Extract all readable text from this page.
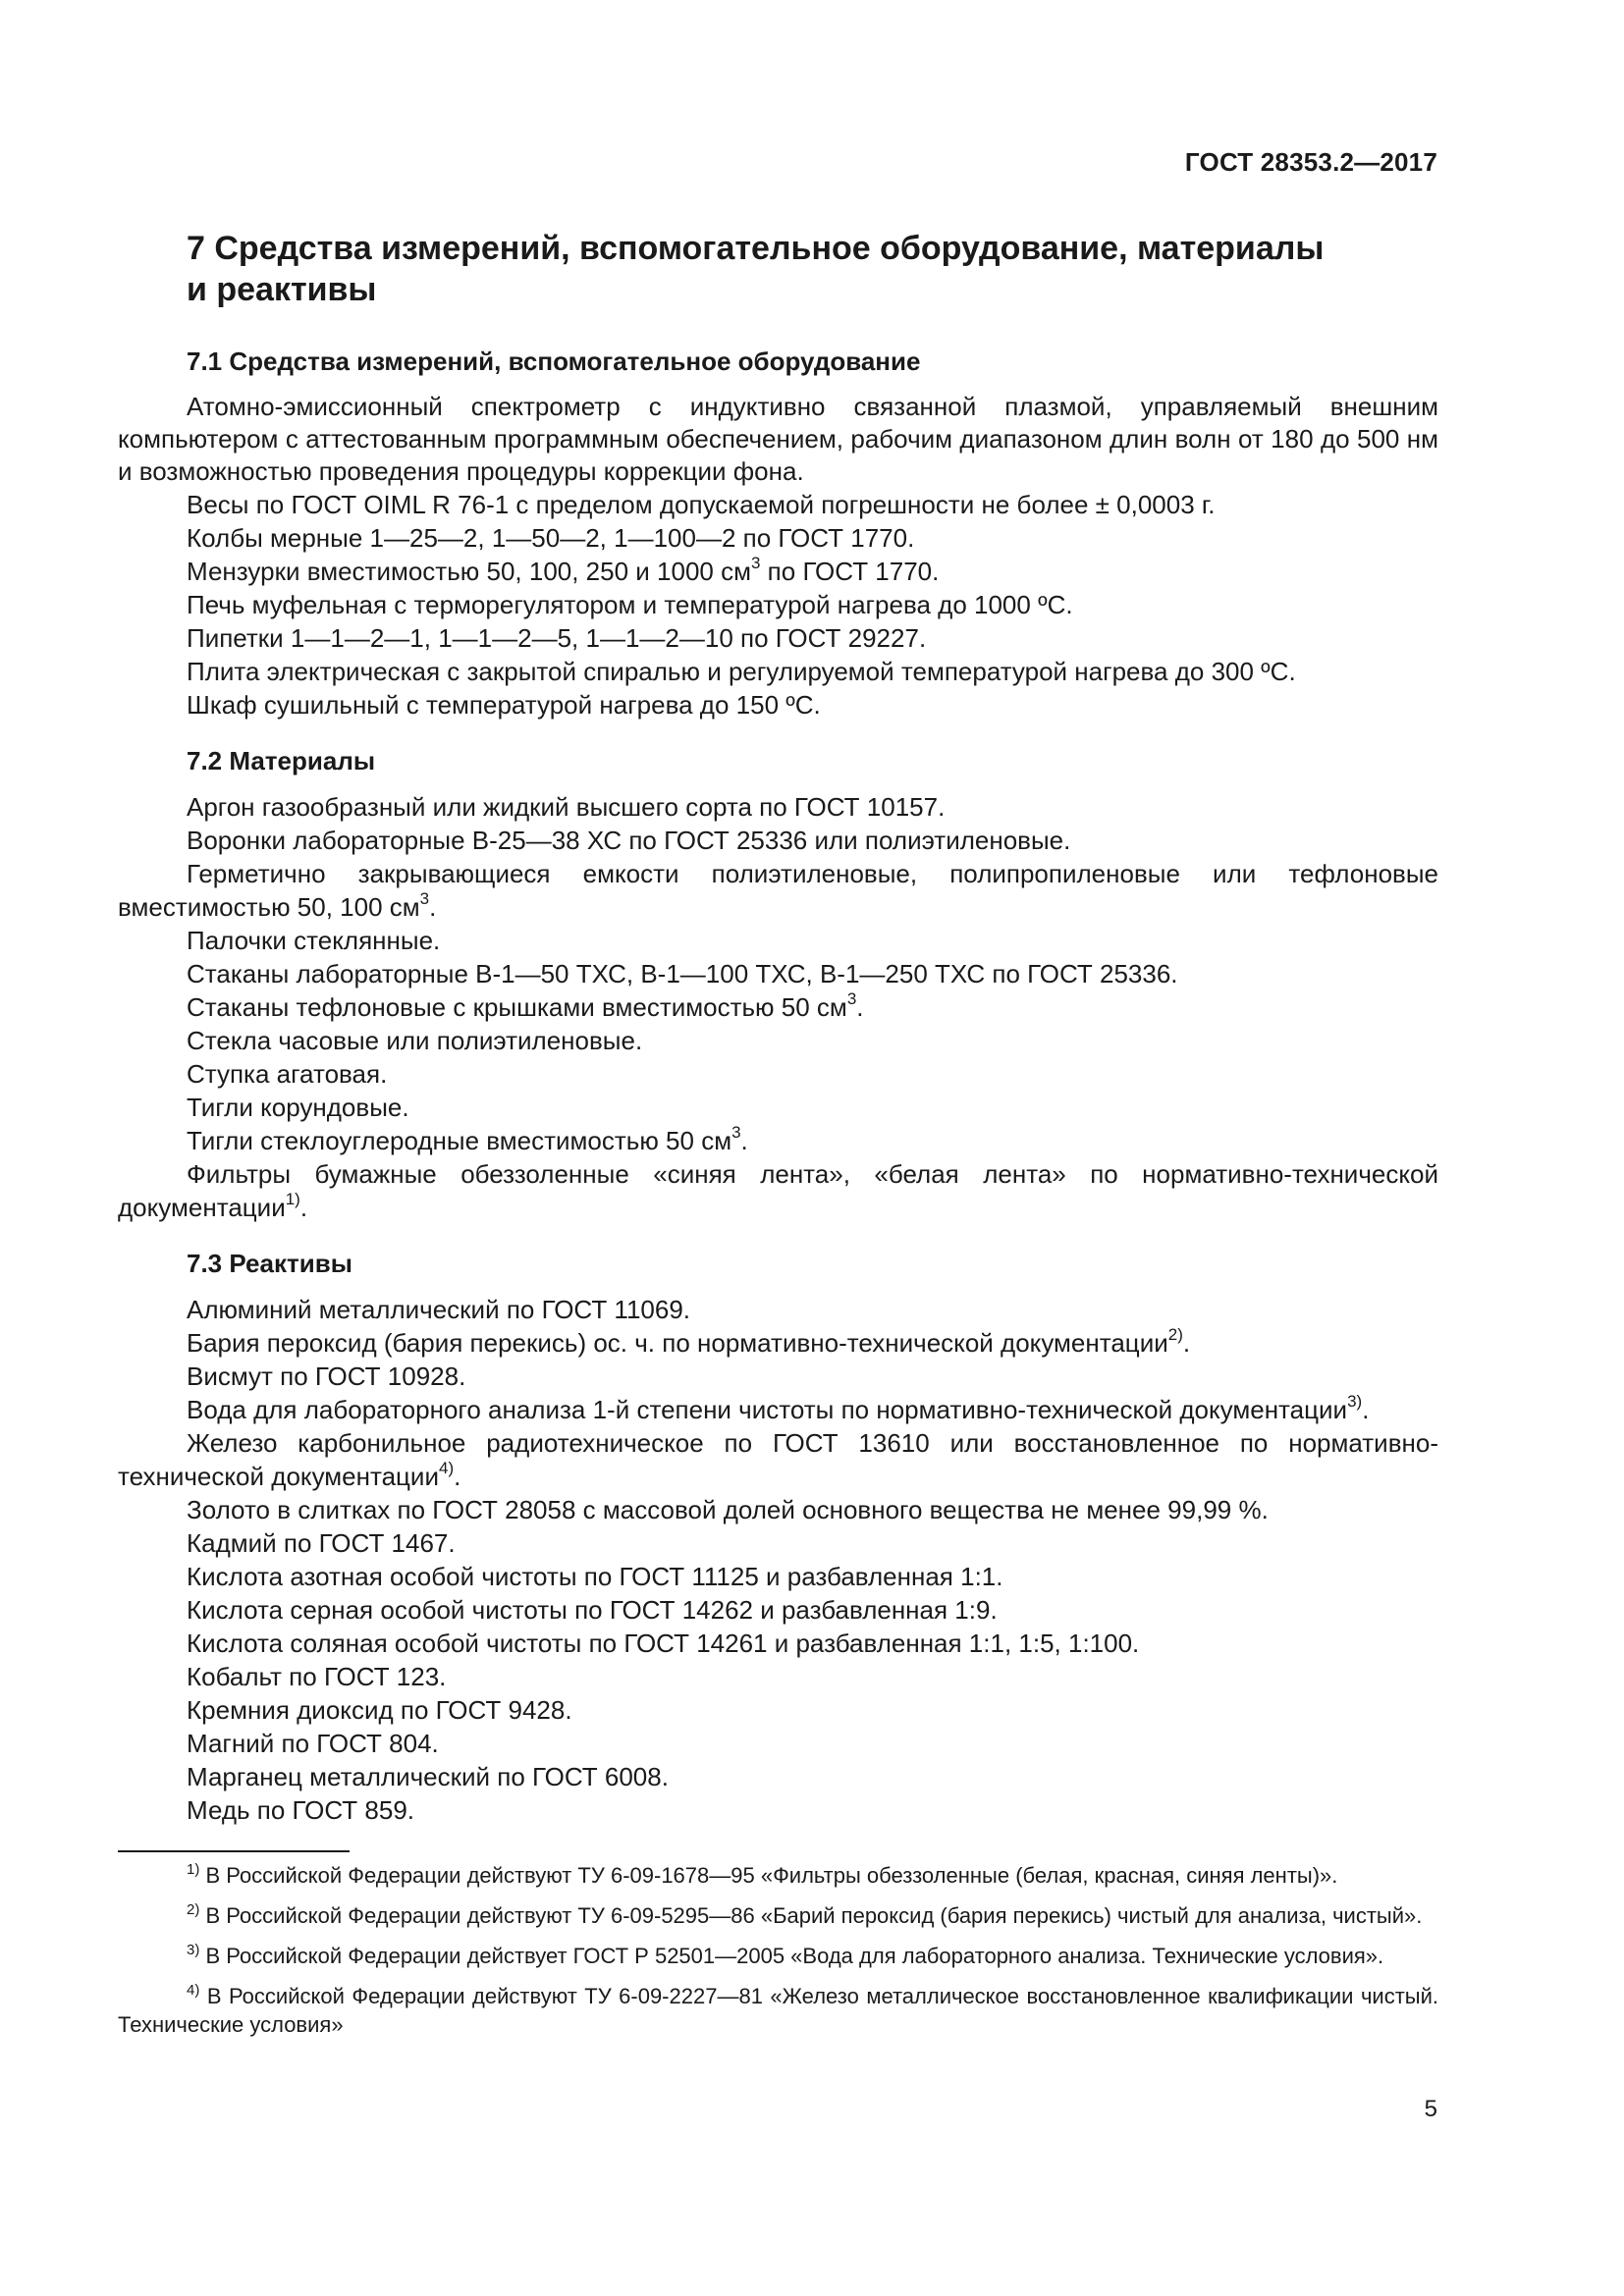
ГОСТ 28353.2—2017
7 Средства измерений, вспомогательное оборудование, материалы
и реактивы
7.1 Средства измерений, вспомогательное оборудование

Атомно-эмиссионный спектрометр с индуктивно связанной плазмой, управляемый внешним компьютером с аттестованным программным обеспечением, рабочим диапазоном длин волн от 180 до 500 нм и возможностью проведения процедуры коррекции фона.

Весы по ГОСТ OIML R 76-1 с пределом допускаемой погрешности не более ± 0,0003 г.

Колбы мерные 1—25—2, 1—50—2, 1—100—2 по ГОСТ 1770.

Мензурки вместимостью 50, 100, 250 и 1000 $см^3$ по ГОСТ 1770.

Печь муфельная с терморегулятором и температурой нагрева до 1000 ºС.

Пипетки 1—1—2—1, 1—1—2—5, 1—1—2—10 по ГОСТ 29227.

Плита электрическая с закрытой спиралью и регулируемой температурой нагрева до 300 ºС.

Шкаф сушильный с температурой нагрева до 150 ºС.

7.2 Материалы

Аргон газообразный или жидкий высшего сорта по ГОСТ 10157.

Воронки лабораторные В-25—38 ХС по ГОСТ 25336 или полиэтиленовые.

Герметично закрывающиеся емкости полиэтиленовые, полипропиленовые или тефлоновые вместимостью 50, 100 $см^3$.

Палочки стеклянные.

Стаканы лабораторные В-1—50 ТХС, В-1—100 ТХС, В-1—250 ТХС по ГОСТ 25336.

Стаканы тефлоновые с крышками вместимостью 50 $см^3$.

Стекла часовые или полиэтиленовые.

Ступка агатовая.

Тигли корундовые.

Тигли стеклоуглеродные вместимостью 50 $см^3$.

Фильтры бумажные обеззоленные «синяя лента», «белая лента» по нормативно-технической документации$^{1)}$.

7.3 Реактивы

Алюминий металлический по ГОСТ 11069.

Бария пероксид (бария перекись) ос. ч. по нормативно-технической документации$^{2)}$.

Висмут по ГОСТ 10928.

Вода для лабораторного анализа 1-й степени чистоты по нормативно-технической документации$^{3)}$.

Железо карбонильное радиотехническое по ГОСТ 13610 или восстановленное по нормативно-технической документации$^{4)}$.

Золото в слитках по ГОСТ 28058 с массовой долей основного вещества не менее 99,99 %.

Кадмий по ГОСТ 1467.

Кислота азотная особой чистоты по ГОСТ 11125 и разбавленная 1:1.

Кислота серная особой чистоты по ГОСТ 14262 и разбавленная 1:9.

Кислота соляная особой чистоты по ГОСТ 14261 и разбавленная 1:1, 1:5, 1:100.

Кобальт по ГОСТ 123.

Кремния диоксид по ГОСТ 9428.

Магний по ГОСТ 804.

Марганец металлический по ГОСТ 6008.

Медь по ГОСТ 859.

$^{1)}$ В Российской Федерации действуют ТУ 6-09-1678—95 «Фильтры обеззоленные (белая, красная, синяя ленты)».

$^{2)}$ В Российской Федерации действуют ТУ 6-09-5295—86 «Барий пероксид (бария перекись) чистый для анализа, чистый».

$^{3)}$ В Российской Федерации действует ГОСТ Р 52501—2005 «Вода для лабораторного анализа. Технические условия».

$^{4)}$ В Российской Федерации действуют ТУ 6-09-2227—81 «Железо металлическое восстановленное квалификации чистый. Технические условия»

5
